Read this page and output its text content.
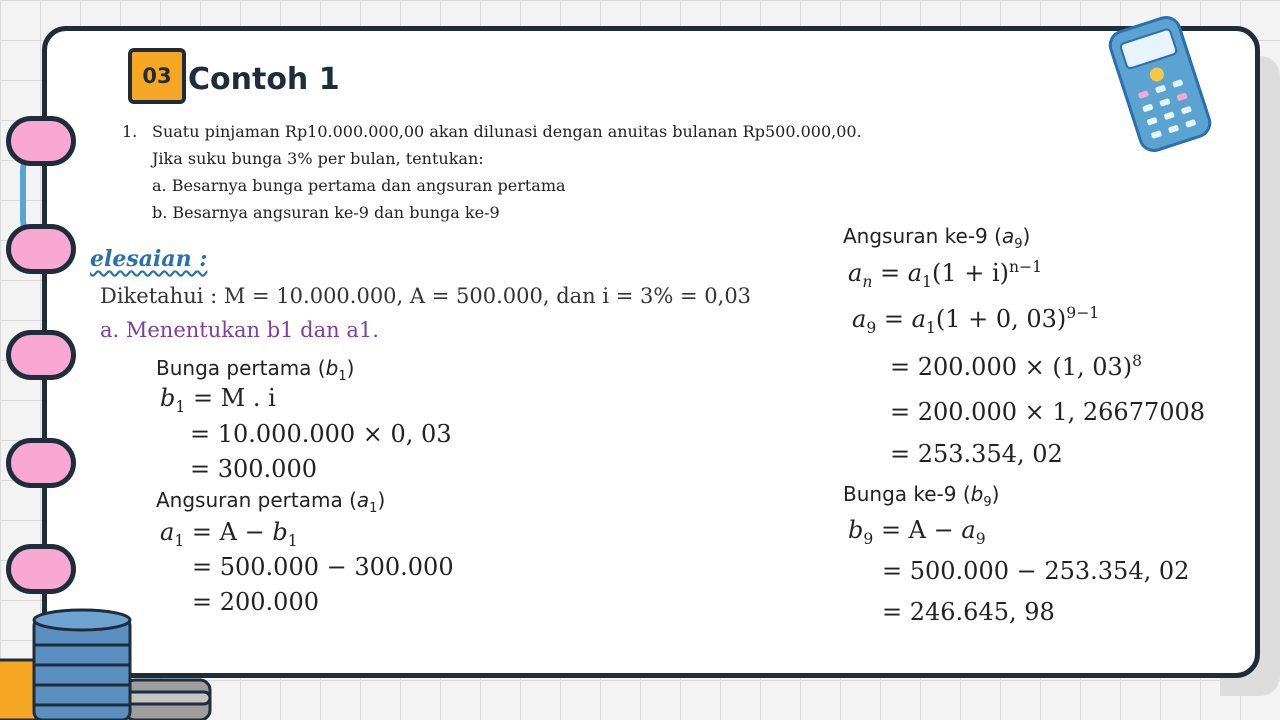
03 Contoh 1
1. Suatu pinjaman Rp10.000.000,00 akan dilunasi dengan anuitas bulanan Rp500.000,00.
Jika suku bunga 3% per bulan, tentukan:
a. Besarnya bunga pertama dan angsuran pertama
b. Besarnya angsuran ke-9 dan bunga ke-9
elesaian :
Diketahui : M = 10.000.000, A = 500.000, dan i = 3% = 0,03
a. Menentukan b1 dan a1.
Bunga pertama $(b_1)$
$b_1 = M$ . i
= 10.000.000 × 0, 03
= 300.000
Angsuran pertama $(a_1)$
$a_1 = A - b_1$
= 500.000 − 300.000
= 200.000
Angsuran ke-9 $(a_9)$
$a_n = a_1(1 + i)^{n-1}$
$a_9 = a_1(1 + 0$, 03)$^{9-1}$
= 200.000 × (1, 03)$^8$
= 200.000 × 1, 26677008
= 253.354, 02
Bunga ke-9 $(b_9)$
$b_9 = A - a_9$
= 500.000 − 253.354, 02
= 246.645, 98
